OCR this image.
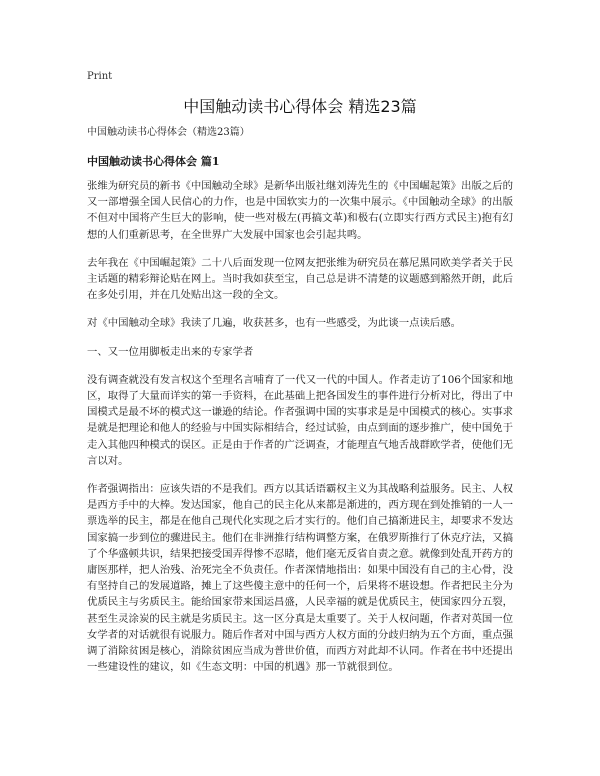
Print
中国触动读书心得体会 精选23篇
中国触动读书心得体会（精选23篇）
中国触动读书心得体会 篇1

张维为研究员的新书《中国触动全球》是新华出版社继刘涛先生的《中国崛起策》出版之后的又一部增强全国人民信心的力作，也是中国软实力的一次集中展示。《中国触动全球》的出版不但对中国将产生巨大的影响，使一些对极左(再搞文革)和极右(立即实行西方式民主)抱有幻想的人们重新思考，在全世界广大发展中国家也会引起共鸣。

去年我在《中国崛起策》二十八后面发现一位网友把张维为研究员在慕尼黑同欧美学者关于民主话题的精彩辩论贴在网上。当时我如获至宝，自己总是讲不清楚的议题感到豁然开朗，此后在多处引用，并在几处贴出这一段的全文。

对《中国触动全球》我读了几遍，收获甚多，也有一些感受，为此谈一点读后感。

一、又一位用脚板走出来的专家学者

没有调查就没有发言权这个至理名言哺育了一代又一代的中国人。作者走访了106个国家和地区，取得了大量而详实的第一手资料，在此基础上把各国发生的事件进行分析对比，得出了中国模式是最不坏的模式这一谦逊的结论。作者强调中国的实事求是是中国模式的核心。实事求是就是把理论和他人的经验与中国实际相结合，经过试验，由点到面的逐步推广，使中国免于走入其他四种模式的误区。正是由于作者的广泛调查，才能理直气地舌战群欧学者，使他们无言以对。

作者强调指出：应该失语的不是我们。西方以其话语霸权主义为其战略利益服务。民主、人权是西方手中的大棒。发达国家，他自己的民主化从来都是渐进的，西方现在到处推销的一人一票选举的民主，都是在他自己现代化实现之后才实行的。他们自己搞渐进民主，却要求不发达国家搞一步到位的骤进民主。他们在非洲推行结构调整方案，在俄罗斯推行了休克疗法，又搞了个华盛顿共识，结果把接受国弄得惨不忍睹，他们毫无反省自责之意。就像到处乱开药方的庸医那样，把人治残、治死完全不负责任。作者深情地指出：如果中国没有自己的主心骨，没有坚持自己的发展道路，摊上了这些傻主意中的任何一个，后果将不堪设想。作者把民主分为优质民主与劣质民主。能给国家带来国运昌盛，人民幸福的就是优质民主，使国家四分五裂，甚至生灵涂炭的民主就是劣质民主。这一区分真是太重要了。关于人权问题，作者对英国一位女学者的对话就很有说服力。随后作者对中国与西方人权方面的分歧归纳为五个方面，重点强调了消除贫困是核心，消除贫困应当成为普世价值，而西方对此却不认同。作者在书中还提出一些建设性的建议，如《生态文明：中国的机遇》那一节就很到位。
